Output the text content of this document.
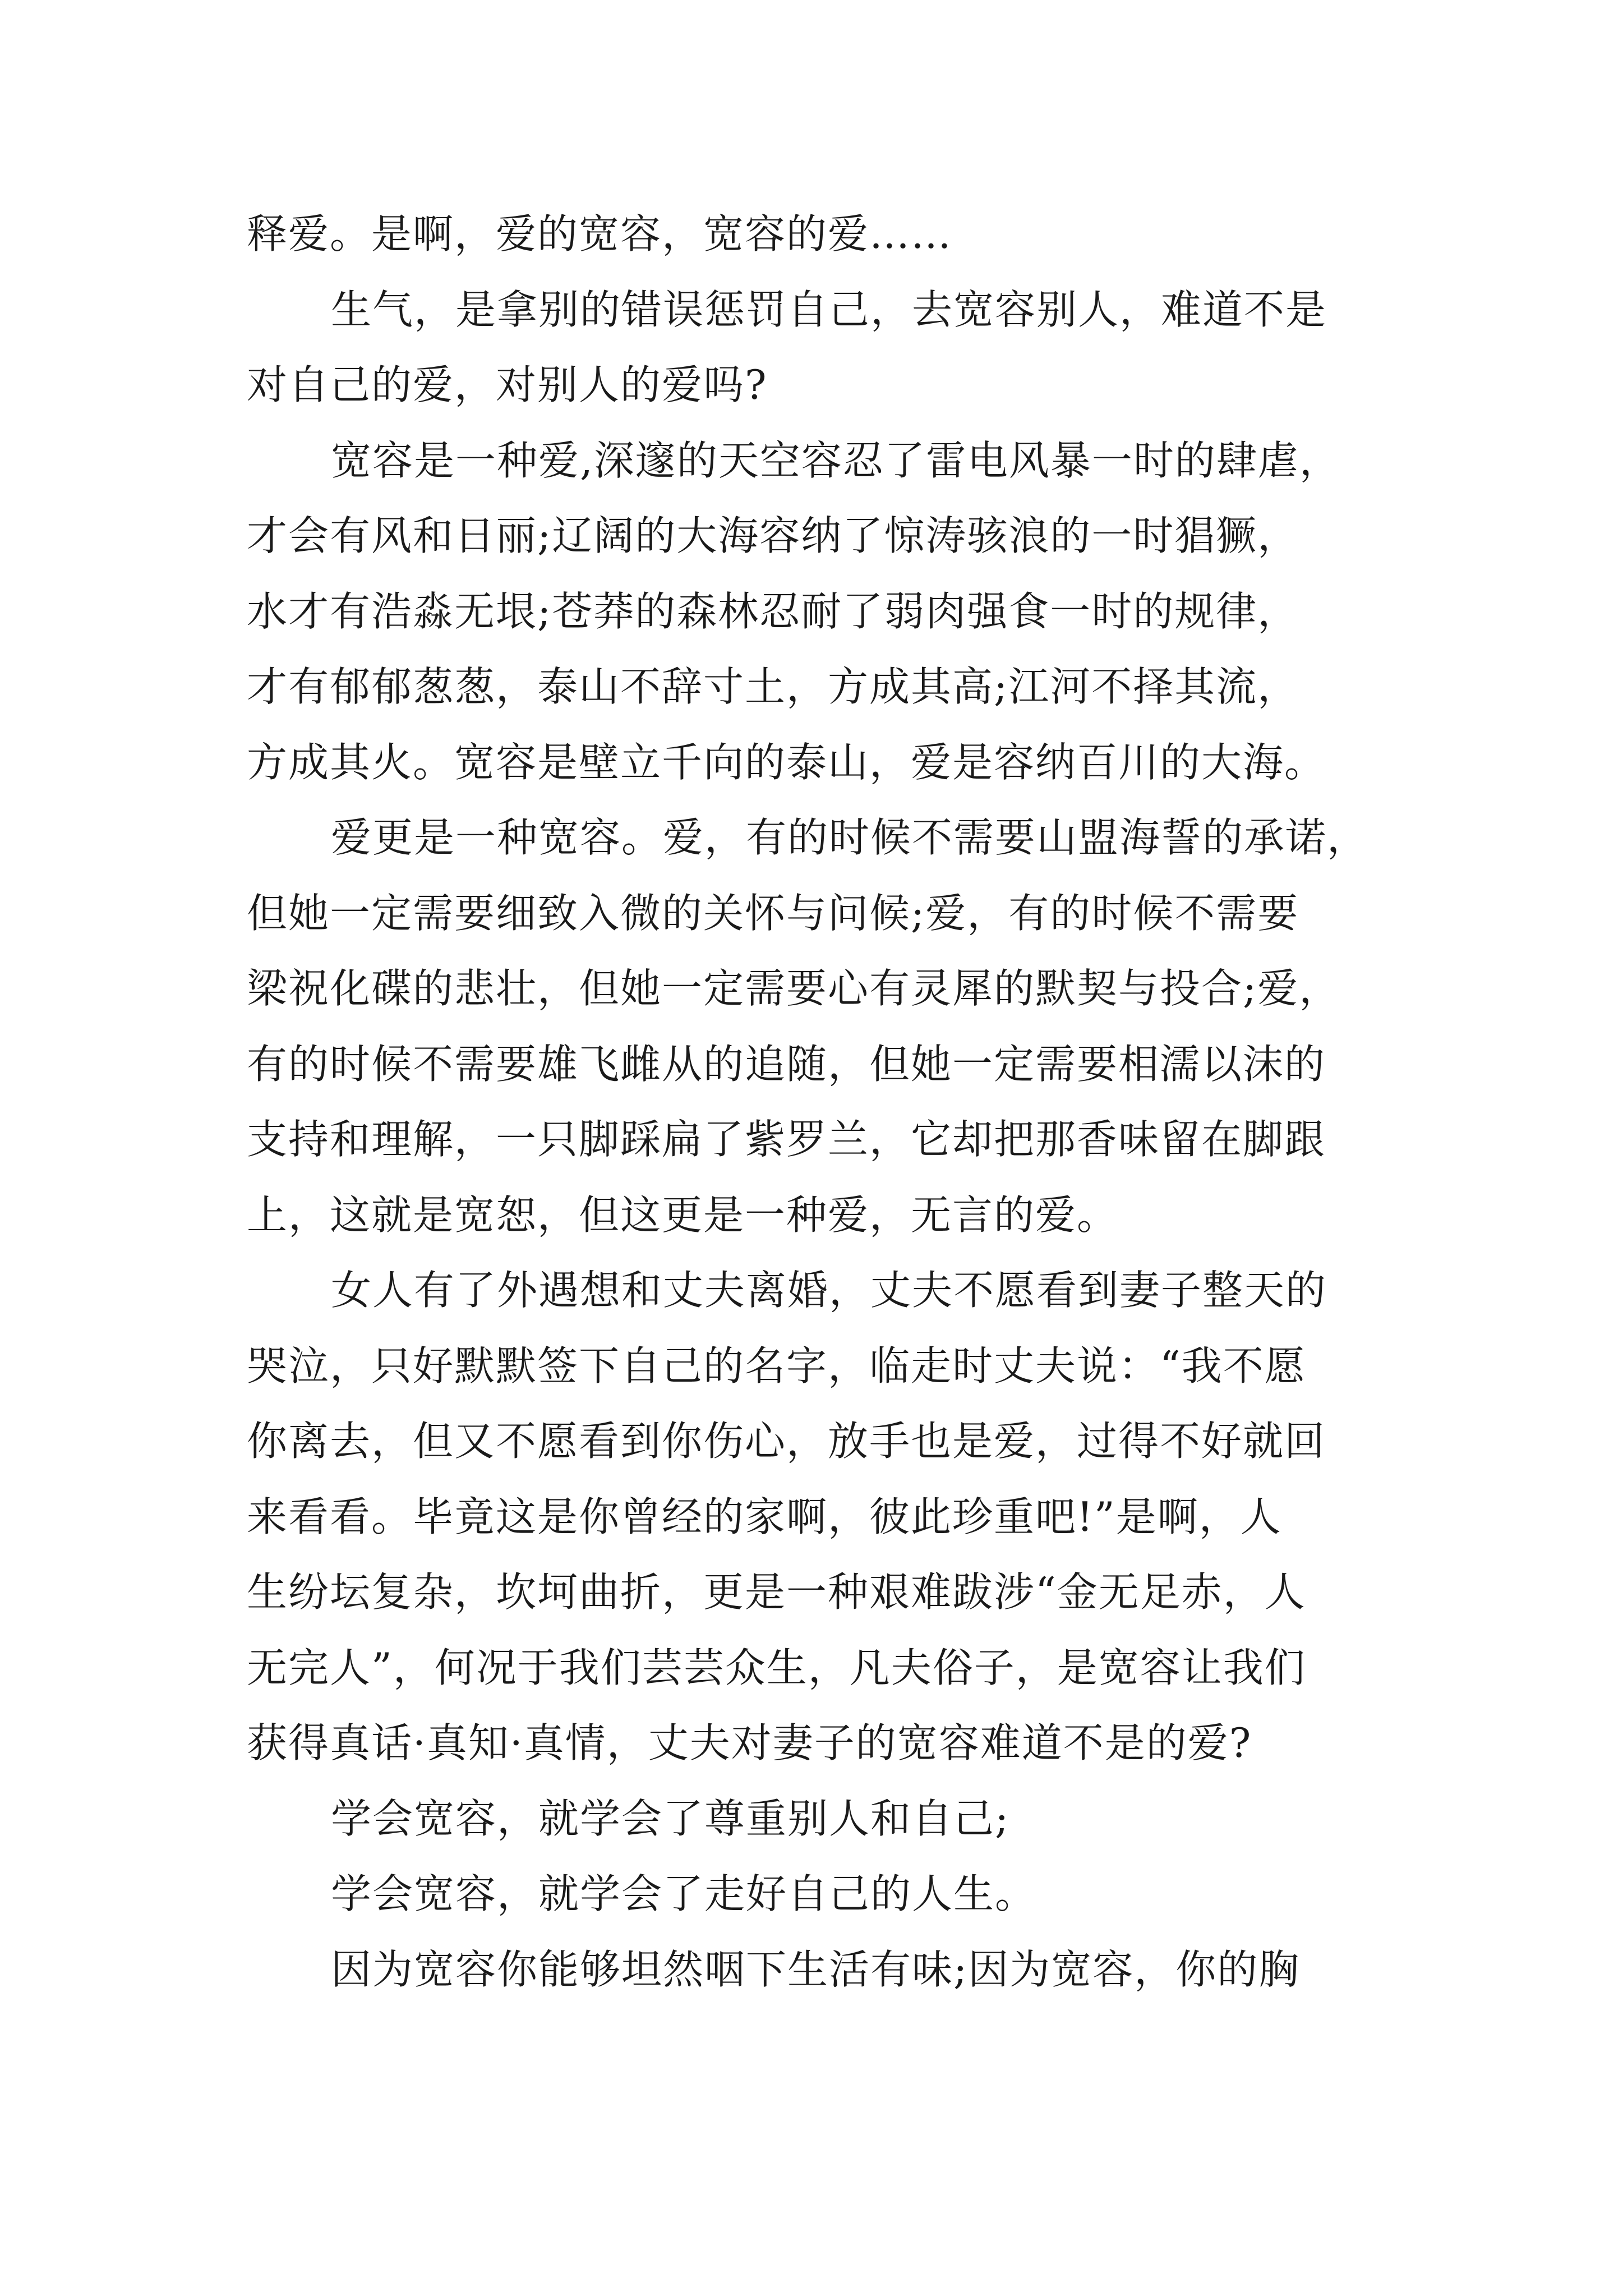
释爱。是啊，爱的宽容，宽容的爱……
生气，是拿别的错误惩罚自己，去宽容别人，难道不是
对自己的爱，对别人的爱吗?
宽容是一种爱,深邃的天空容忍了雷电风暴一时的肆虐，
才会有风和日丽;辽阔的大海容纳了惊涛骇浪的一时猖獗，
水才有浩淼无垠;苍莽的森林忍耐了弱肉强食一时的规律，
才有郁郁葱葱，泰山不辞寸土，方成其高;江河不择其流，
方成其火。宽容是壁立千向的泰山，爱是容纳百川的大海。
爱更是一种宽容。爱，有的时候不需要山盟海誓的承诺，
但她一定需要细致入微的关怀与问候;爱，有的时候不需要
梁祝化碟的悲壮，但她一定需要心有灵犀的默契与投合;爱，
有的时候不需要雄飞雌从的追随，但她一定需要相濡以沫的
支持和理解，一只脚踩扁了紫罗兰，它却把那香味留在脚跟
上，这就是宽恕，但这更是一种爱，无言的爱。
女人有了外遇想和丈夫离婚，丈夫不愿看到妻子整天的
哭泣，只好默默签下自己的名字，临走时丈夫说：“我不愿
你离去，但又不愿看到你伤心，放手也是爱，过得不好就回
来看看。毕竟这是你曾经的家啊，彼此珍重吧!”是啊，人
生纷坛复杂，坎坷曲折，更是一种艰难跋涉“金无足赤，人
无完人”，何况于我们芸芸众生，凡夫俗子，是宽容让我们
获得真话·真知·真情，丈夫对妻子的宽容难道不是的爱?
学会宽容，就学会了尊重别人和自己;
学会宽容，就学会了走好自己的人生。
因为宽容你能够坦然咽下生活有味;因为宽容，你的胸
